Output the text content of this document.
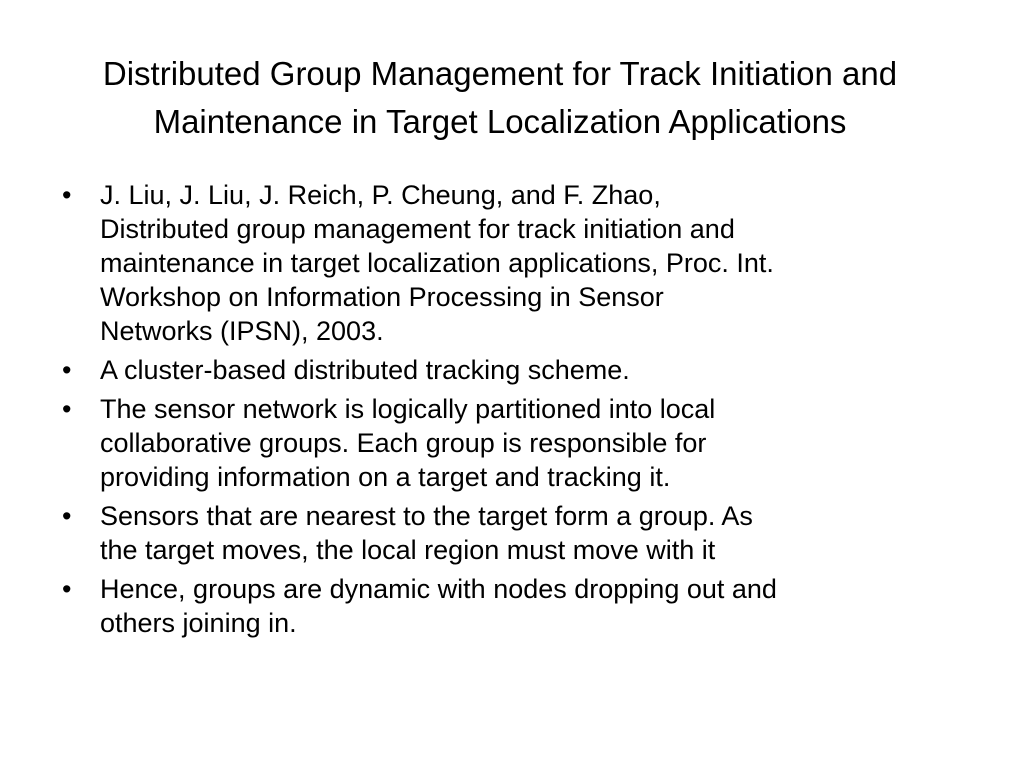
Distributed Group Management for Track Initiation and
Maintenance in Target Localization Applications
• J. Liu, J. Liu, J. Reich, P. Cheung, and F. Zhao,
Distributed group management for track initiation and
maintenance in target localization applications, Proc. Int.
Workshop on Information Processing in Sensor
Networks (IPSN), 2003.
• A cluster-based distributed tracking scheme.
• The sensor network is logically partitioned into local
collaborative groups. Each group is responsible for
providing information on a target and tracking it.
• Sensors that are nearest to the target form a group. As
the target moves, the local region must move with it
• Hence, groups are dynamic with nodes dropping out and
others joining in.
